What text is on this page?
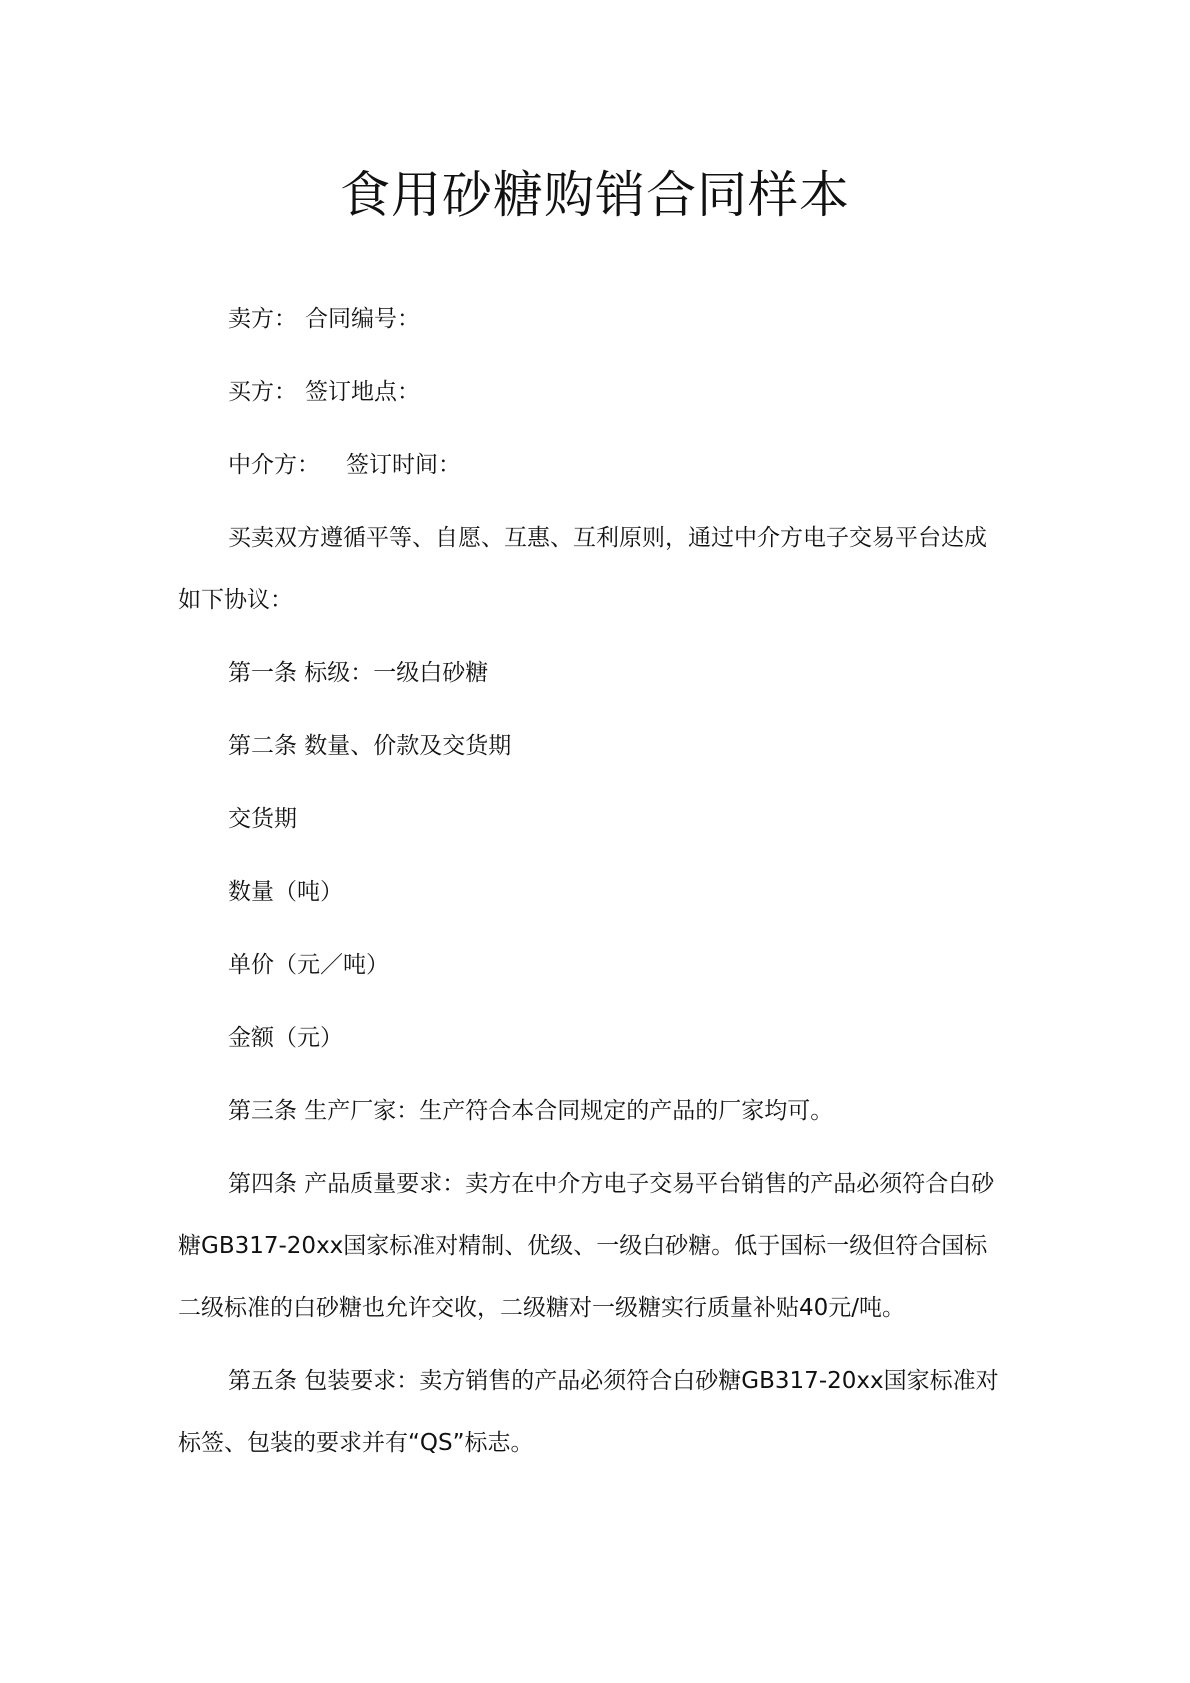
食用砂糖购销合同样本

卖方： 合同编号：

买方： 签订地点：

中介方： 签订时间：

买卖双方遵循平等、自愿、互惠、互利原则，通过中介方电子交易平台达成如下协议：

第一条 标级：一级白砂糖

第二条 数量、价款及交货期

交货期

数量（吨）

单价（元／吨）

金额（元）

第三条 生产厂家：生产符合本合同规定的产品的厂家均可。

第四条 产品质量要求：卖方在中介方电子交易平台销售的产品必须符合白砂糖GB317-20xx国家标准对精制、优级、一级白砂糖。低于国标一级但符合国标二级标准的白砂糖也允许交收，二级糖对一级糖实行质量补贴40元/吨。

第五条 包装要求：卖方销售的产品必须符合白砂糖GB317-20xx国家标准对标签、包装的要求并有“QS”标志。
